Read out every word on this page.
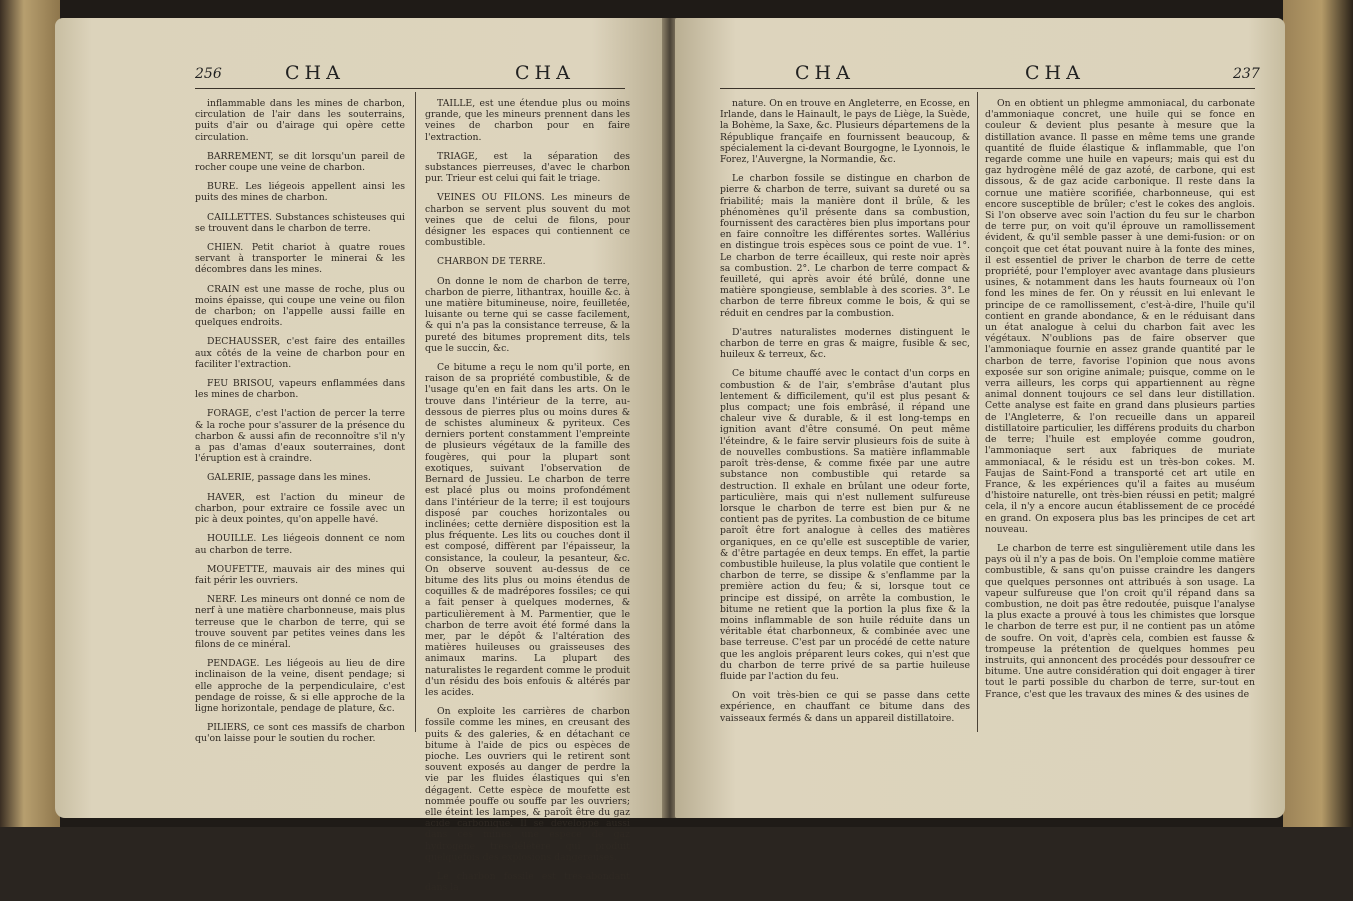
256	CHA	CHA

inflammable dans les mines de charbon, circulation de l'air dans les souterrains, puits d'air ou d'airage qui opère cette circulation.

BARREMENT, se dit lorsqu'un pareil de rocher coupe une veine de charbon.

BURE. Les liégeois appellent ainsi les puits des mines de charbon.

CAILLETTES. Substances schisteuses qui se trouvent dans le charbon de terre.

CHIEN. Petit chariot à quatre roues servant à transporter le minerai & les décombres dans les mines.

CRAIN est une masse de roche, plus ou moins épaisse, qui coupe une veine ou filon de charbon; on l'appelle aussi faille en quelques endroits.

DECHAUSSER, c'est faire des entailles aux côtés de la veine de charbon pour en faciliter l'extraction.

FEU BRISOU, vapeurs enflammées dans les mines de charbon.

FORAGE, c'est l'action de percer la terre & la roche pour s'assurer de la présence du charbon & aussi afin de reconnoître s'il n'y a pas d'amas d'eaux souterraines, dont l'éruption est à craindre.

GALERIE, passage dans les mines.

HAVER, est l'action du mineur de charbon, pour extraire ce fossile avec un pic à deux pointes, qu'on appelle havé.

HOUILLE. Les liégeois donnent ce nom au charbon de terre.

MOUFETTE, mauvais air des mines qui fait périr les ouvriers.

NERF. Les mineurs ont donné ce nom de nerf à une matière charbonneuse, mais plus terreuse que le charbon de terre, qui se trouve souvent par petites veines dans les filons de ce minéral.

PENDAGE. Les liégeois au lieu de dire inclinaison de la veine, disent pendage; si elle approche de la perpendiculaire, c'est pendage de roisse, & si elle approche de la ligne horizontale, pendage de plature, &c.

PILIERS, ce sont ces massifs de charbon qu'on laisse pour le soutien du rocher.

TAILLE, est une étendue plus ou moins grande, que les mineurs prennent dans les veines de charbon pour en faire l'extraction.

TRIAGE, est la séparation des substances pierreuses, d'avec le charbon pur. Trieur est celui qui fait le triage.

VEINES OU FILONS. Les mineurs de charbon se servent plus souvent du mot veines que de celui de filons, pour désigner les espaces qui contiennent ce combustible.

CHARBON DE TERRE.

On donne le nom de charbon de terre, charbon de pierre, lithantrax, houille &c. à une matière bitumineuse, noire, feuilletée, luisante ou terne qui se casse facilement, & qui n'a pas la consistance terreuse, & la pureté des bitumes proprement dits, tels que le succin, &c.

Ce bitume a reçu le nom qu'il porte, en raison de sa propriété combustible, & de l'usage qu'en en fait dans les arts. On le trouve dans l'intérieur de la terre, au-dessous de pierres plus ou moins dures & de schistes alumineux & pyriteux. Ces derniers portent constamment l'empreinte de plusieurs végétaux de la famille des fougères, qui pour la plupart sont exotiques, suivant l'observation de Bernard de Jussieu. Le charbon de terre est placé plus ou moins profondément dans l'intérieur de la terre; il est toujours disposé par couches horizontales ou inclinées; cette dernière disposition est la plus fréquente. Les lits ou couches dont il est composé, diffèrent par l'épaisseur, la consistance, la couleur, la pesanteur, &c. On observe souvent au-dessus de ce bitume des lits plus ou moins étendus de coquilles & de madrépores fossiles; ce qui a fait penser à quelques modernes, & particulièrement à M. Parmentier, que le charbon de terre avoit été formé dans la mer, par le dépôt & l'altération des matières huileuses ou graisseuses des animaux marins. La plupart des naturalistes le regardent comme le produit d'un résidu des bois enfouis & altérés par les acides.

On exploite les carrières de charbon fossile comme les mines, en creusant des puits & des galeries, & en détachant ce bitume à l'aide de pics ou espèces de pioche. Les ouvriers qui le retirent sont souvent exposés au danger de perdre la vie par les fluides élastiques qui s'en dégagent. Cette espèce de moufette est nommée pouffe ou souffe par les ouvriers; elle éteint les lampes, & paroît être du gaz acide carbonique. Il se développe aussi dans ces mines une espèce de gaz hydrogène très-délétère qui produit quelquefois des explosions dangereuses.

Le charbon fossile est très-abondant dans la

CHA	CHA	237

nature. On en trouve en Angleterre, en Ecosse, en Irlande, dans le Hainault, le pays de Liège, la Suède, la Bohème, la Saxe, &c. Plusieurs départemens de la République françaife en fournissent beaucoup, & spécialement la ci-devant Bourgogne, le Lyonnois, le Forez, l'Auvergne, la Normandie, &c.

Le charbon fossile se distingue en charbon de pierre & charbon de terre, suivant sa dureté ou sa friabilité; mais la manière dont il brûle, & les phénomènes qu'il présente dans sa combustion, fournissent des caractères bien plus importans pour en faire connoître les différentes sortes. Wallérius en distingue trois espèces sous ce point de vue. 1°. Le charbon de terre écailleux, qui reste noir après sa combustion. 2°. Le charbon de terre compact & feuilleté, qui après avoir été brûlé, donne une matière spongieuse, semblable à des scories. 3°. Le charbon de terre fibreux comme le bois, & qui se réduit en cendres par la combustion.

D'autres naturalistes modernes distinguent le charbon de terre en gras & maigre, fusible & sec, huileux & terreux, &c.

Ce bitume chauffé avec le contact d'un corps en combustion & de l'air, s'embrâse d'autant plus lentement & difficilement, qu'il est plus pesant & plus compact; une fois embrâsé, il répand une chaleur vive & durable, & il est long-temps en ignition avant d'être consumé. On peut même l'éteindre, & le faire servir plusieurs fois de suite à de nouvelles combustions. Sa matière inflammable paroît très-dense, & comme fixée par une autre substance non combustible qui retarde sa destruction. Il exhale en brûlant une odeur forte, particulière, mais qui n'est nullement sulfureuse lorsque le charbon de terre est bien pur & ne contient pas de pyrites. La combustion de ce bitume paroît être fort analogue à celles des matières organiques, en ce qu'elle est susceptible de varier, & d'être partagée en deux temps. En effet, la partie combustible huileuse, la plus volatile que contient le charbon de terre, se dissipe & s'enflamme par la première action du feu; & si, lorsque tout ce principe est dissipé, on arrête la combustion, le bitume ne retient que la portion la plus fixe & la moins inflammable de son huile réduite dans un véritable état charbonneux, & combinée avec une base terreuse. C'est par un procédé de cette nature que les anglois préparent leurs cokes, qui n'est que du charbon de terre privé de sa partie huileuse fluide par l'action du feu.

On voit très-bien ce qui se passe dans cette expérience, en chauffant ce bitume dans des vaisseaux fermés & dans un appareil distillatoire.

On en obtient un phlegme ammoniacal, du carbonate d'ammoniaque concret, une huile qui se fonce en couleur & devient plus pesante à mesure que la distillation avance. Il passe en même tems une grande quantité de fluide élastique & inflammable, que l'on regarde comme une huile en vapeurs; mais qui est du gaz hydrogène mêlé de gaz azoté, de carbone, qui est dissous, & de gaz acide carbonique. Il reste dans la cornue une matière scorifiée, charbonneuse, qui est encore susceptible de brûler; c'est le cokes des anglois. Si l'on observe avec soin l'action du feu sur le charbon de terre pur, on voit qu'il éprouve un ramollissement évident, & qu'il semble passer à une demi-fusion: or on conçoit que cet état pouvant nuire à la fonte des mines, il est essentiel de priver le charbon de terre de cette propriété, pour l'employer avec avantage dans plusieurs usines, & notamment dans les hauts fourneaux où l'on fond les mines de fer. On y réussit en lui enlevant le principe de ce ramollissement, c'est-à-dire, l'huile qu'il contient en grande abondance, & en le réduisant dans un état analogue à celui du charbon fait avec les végétaux. N'oublions pas de faire observer que l'ammoniaque fournie en assez grande quantité par le charbon de terre, favorise l'opinion que nous avons exposée sur son origine animale; puisque, comme on le verra ailleurs, les corps qui appartiennent au règne animal donnent toujours ce sel dans leur distillation. Cette analyse est faite en grand dans plusieurs parties de l'Angleterre, & l'on recueille dans un appareil distillatoire particulier, les différens produits du charbon de terre; l'huile est employée comme goudron, l'ammoniaque sert aux fabriques de muriate ammoniacal, & le résidu est un très-bon cokes. M. Faujas de Saint-Fond a transporté cet art utile en France, & les expériences qu'il a faites au muséum d'histoire naturelle, ont très-bien réussi en petit; malgré cela, il n'y a encore aucun établissement de ce procédé en grand. On exposera plus bas les principes de cet art nouveau.

Le charbon de terre est singulièrement utile dans les pays où il n'y a pas de bois. On l'emploie comme matière combustible, & sans qu'on puisse craindre les dangers que quelques personnes ont attribués à son usage. La vapeur sulfureuse que l'on croit qu'il répand dans sa combustion, ne doit pas être redoutée, puisque l'analyse la plus exacte a prouvé à tous les chimistes que lorsque le charbon de terre est pur, il ne contient pas un atôme de soufre. On voit, d'après cela, combien est fausse & trompeuse la prétention de quelques hommes peu instruits, qui annoncent des procédés pour dessoufrer ce bitume. Une autre considération qui doit engager à tirer tout le parti possible du charbon de terre, sur-tout en France, c'est que les travaux des mines & des usines de
